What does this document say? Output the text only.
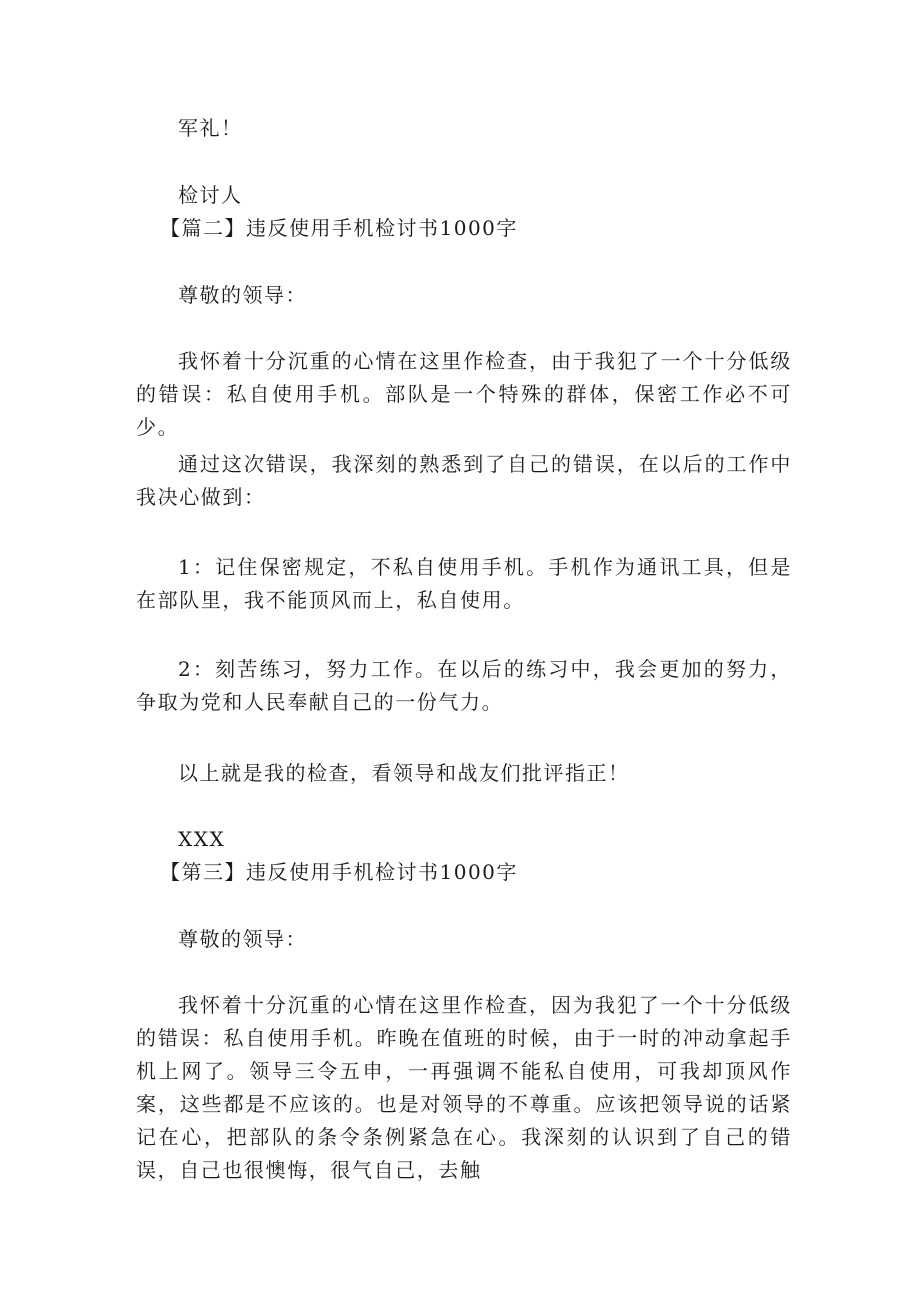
军礼！
检讨人
【篇二】违反使用手机检讨书1000字
尊敬的领导：
我怀着十分沉重的心情在这里作检查，由于我犯了一个十分低级的错误：私自使用手机。部队是一个特殊的群体，保密工作必不可少。
通过这次错误，我深刻的熟悉到了自己的错误，在以后的工作中我决心做到：
1：记住保密规定，不私自使用手机。手机作为通讯工具，但是在部队里，我不能顶风而上，私自使用。
2：刻苦练习，努力工作。在以后的练习中，我会更加的努力，争取为党和人民奉献自己的一份气力。
以上就是我的检查，看领导和战友们批评指正！
XXX
【第三】违反使用手机检讨书1000字
尊敬的领导：
我怀着十分沉重的心情在这里作检查，因为我犯了一个十分低级的错误：私自使用手机。昨晚在值班的时候，由于一时的冲动拿起手机上网了。领导三令五申，一再强调不能私自使用，可我却顶风作案，这些都是不应该的。也是对领导的不尊重。应该把领导说的话紧记在心，把部队的条令条例紧急在心。我深刻的认识到了自己的错误，自己也很懊悔，很气自己，去触
